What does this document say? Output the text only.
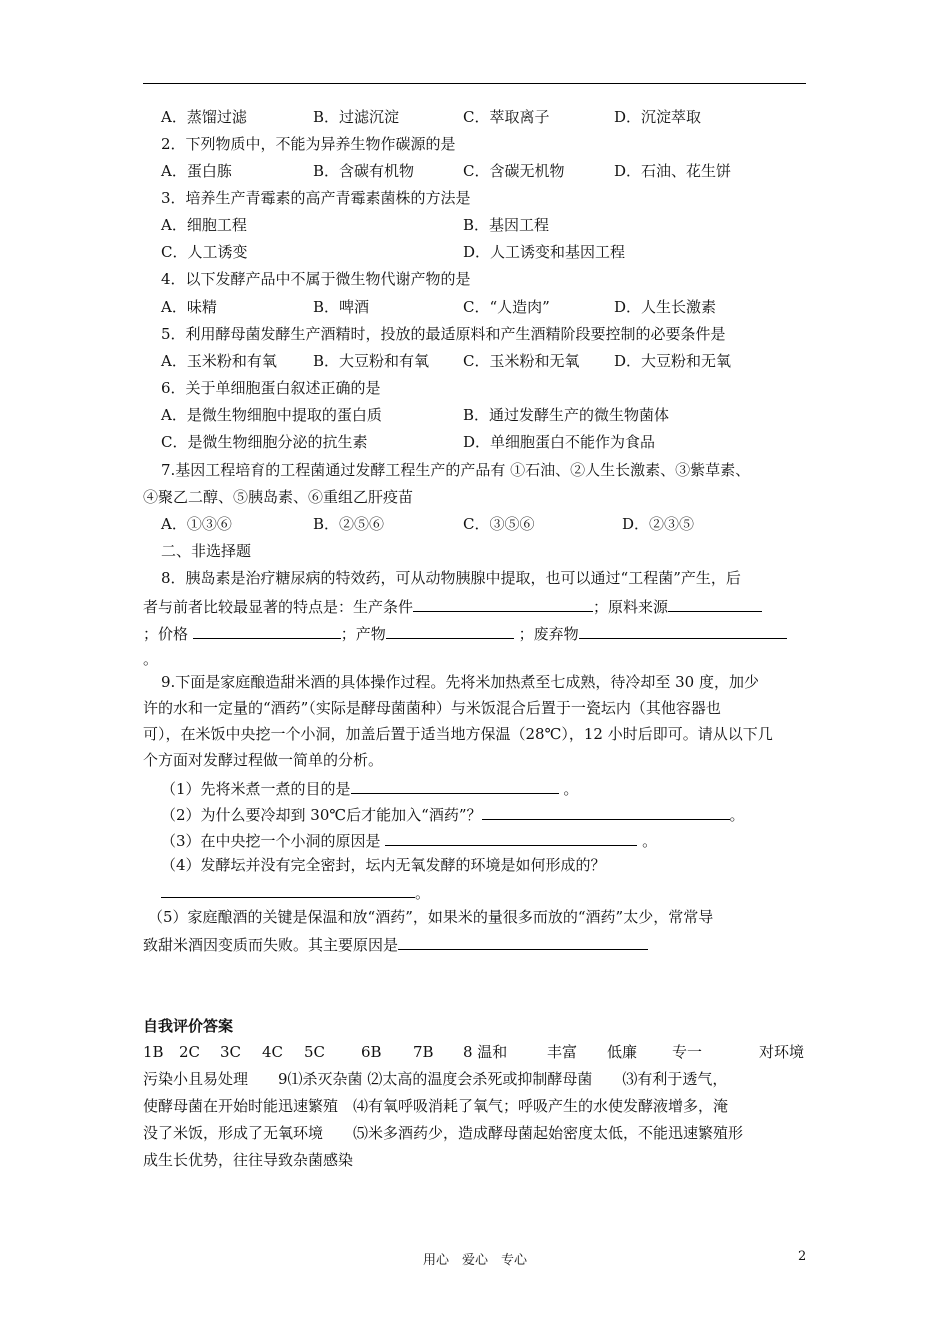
A．蒸馏过滤	B．过滤沉淀	C．萃取离子	D．沉淀萃取
2．下列物质中，不能为异养生物作碳源的是
A．蛋白胨	B．含碳有机物	C．含碳无机物	D．石油、花生饼
3．培养生产青霉素的高产青霉素菌株的方法是
A．细胞工程	B．基因工程
C．人工诱变	D．人工诱变和基因工程
4．以下发酵产品中不属于微生物代谢产物的是
A．味精	B．啤酒	C．“人造肉”	D．人生长激素
5．利用酵母菌发酵生产酒精时，投放的最适原料和产生酒精阶段要控制的必要条件是
A．玉米粉和有氧 B．大豆粉和有氧 C．玉米粉和无氧 D．大豆粉和无氧
6．关于单细胞蛋白叙述正确的是
A．是微生物细胞中提取的蛋白质	B．通过发酵生产的微生物菌体
C．是微生物细胞分泌的抗生素	D．单细胞蛋白不能作为食品
7.基因工程培育的工程菌通过发酵工程生产的产品有 ①石油、②人生长激素、③紫草素、
④聚乙二醇、⑤胰岛素、⑥重组乙肝疫苗
A．①③⑥	B．②⑤⑥	C．③⑤⑥	D．②③⑤
二、非选择题
8．胰岛素是治疗糖尿病的特效药，可从动物胰腺中提取，也可以通过“工程菌”产生，后
者与前者比较最显著的特点是：生产条件	；原料来源
；价格	；产物	；废弃物
。
9.下面是家庭酿造甜米酒的具体操作过程。先将米加热煮至七成熟，待冷却至 30 度，加少
许的水和一定量的“酒药”（实际是酵母菌菌种）与米饭混合后置于一瓷坛内（其他容器也
可），在米饭中央挖一个小洞，加盖后置于适当地方保温（28℃），12 小时后即可。请从以下几
个方面对发酵过程做一简单的分析。
（1）先将米煮一煮的目的是	。
（2）为什么要冷却到 30℃后才能加入“酒药”？	。
（3）在中央挖一个小洞的原因是	。
（4）发酵坛并没有完全密封，坛内无氧发酵的环境是如何形成的？
。
（5）家庭酿酒的关键是保温和放“酒药”，如果米的量很多而放的“酒药”太少，常常导
致甜米酒因变质而失败。其主要原因是
自我评价答案
1B 2C 3C 4C 5C 6B 7B 8 温和	丰富 低廉 专一	对环境
污染小且易处理　　9⑴杀灭杂菌 ⑵太高的温度会杀死或抑制酵母菌　　⑶有利于透气，
使酵母菌在开始时能迅速繁殖　⑷有氧呼吸消耗了氧气；呼吸产生的水使发酵液增多，淹
没了米饭，形成了无氧环境　　⑸米多酒药少，造成酵母菌起始密度太低，不能迅速繁殖形
成生长优势，往往导致杂菌感染
用心　爱心　专心	2
